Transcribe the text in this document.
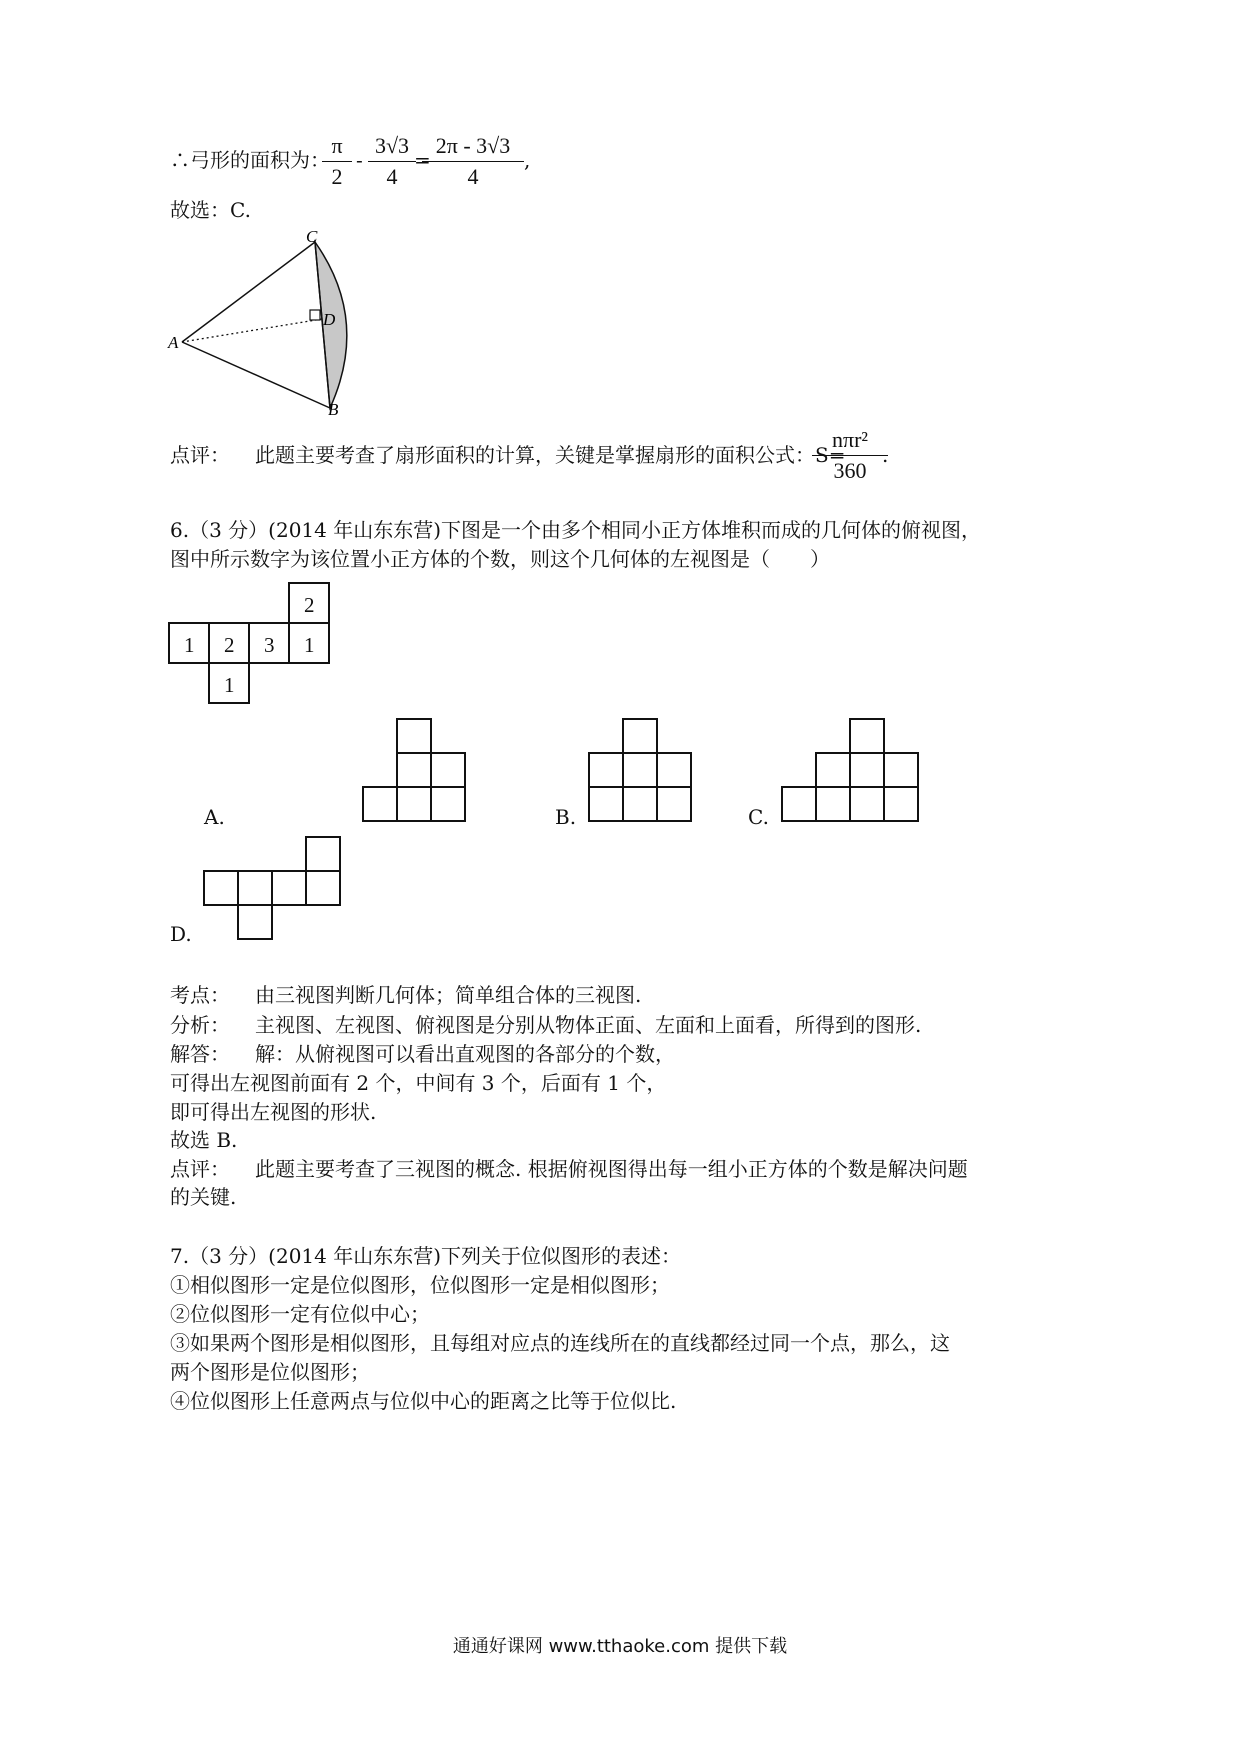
∴弓形的面积为：
π
2
-
3√3
4
=
2π - 3√3
4
,
故选：C.
A
C
D
B
点评： 此题主要考查了扇形面积的计算，关键是掌握扇形的面积公式：S=
nπr²
360
.
6.（3 分）(2014 年山东东营)下图是一个由多个相同小正方体堆积而成的几何体的俯视图，
图中所示数字为该位置小正方体的个数，则这个几何体的左视图是（　　）
2
1 2 3 1
1
A.	B.	C.
D.
考点： 由三视图判断几何体；简单组合体的三视图.
分析： 主视图、左视图、俯视图是分别从物体正面、左面和上面看，所得到的图形.
解答： 解：从俯视图可以看出直观图的各部分的个数，
可得出左视图前面有 2 个，中间有 3 个，后面有 1 个，
即可得出左视图的形状.
故选 B.
点评： 此题主要考查了三视图的概念. 根据俯视图得出每一组小正方体的个数是解决问题
的关键.
7.（3 分）(2014 年山东东营)下列关于位似图形的表述：
①相似图形一定是位似图形，位似图形一定是相似图形；
②位似图形一定有位似中心；
③如果两个图形是相似图形，且每组对应点的连线所在的直线都经过同一个点，那么，这
两个图形是位似图形；
④位似图形上任意两点与位似中心的距离之比等于位似比.
通通好课网 www.tthaoke.com 提供下载
